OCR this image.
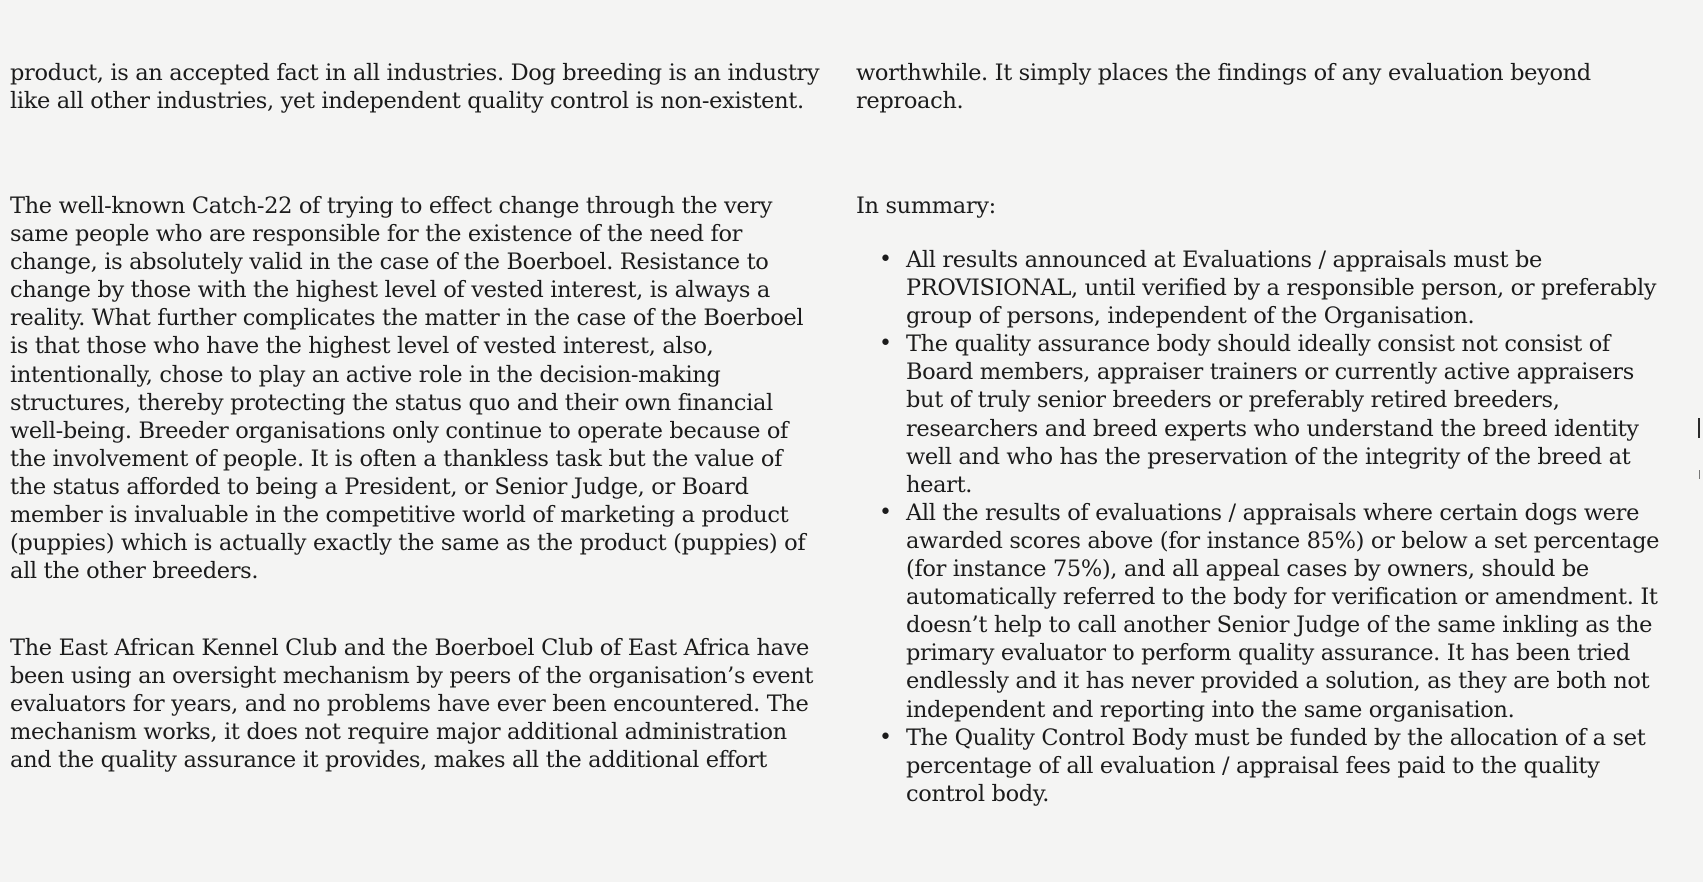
product, is an accepted fact in all industries. Dog breeding is an industry like all other industries, yet independent quality control is non-existent.

The well-known Catch-22 of trying to effect change through the very same people who are responsible for the existence of the need for change, is absolutely valid in the case of the Boerboel. Resistance to change by those with the highest level of vested interest, is always a reality. What further complicates the matter in the case of the Boerboel is that those who have the highest level of vested interest, also, intentionally, chose to play an active role in the decision-making structures, thereby protecting the status quo and their own financial well-being. Breeder organisations only continue to operate because of the involvement of people. It is often a thankless task but the value of the status afforded to being a President, or Senior Judge, or Board member is invaluable in the competitive world of marketing a product (puppies) which is actually exactly the same as the product (puppies) of all the other breeders.

The East African Kennel Club and the Boerboel Club of East Africa have been using an oversight mechanism by peers of the organisation’s event evaluators for years, and no problems have ever been encountered. The mechanism works, it does not require major additional administration and the quality assurance it provides, makes all the additional effort

worthwhile. It simply places the findings of any evaluation beyond reproach.

In summary:

• All results announced at Evaluations / appraisals must be PROVISIONAL, until verified by a responsible person, or preferably group of persons, independent of the Organisation.
• The quality assurance body should ideally consist not consist of Board members, appraiser trainers or currently active appraisers but of truly senior breeders or preferably retired breeders, researchers and breed experts who understand the breed identity well and who has the preservation of the integrity of the breed at heart.
• All the results of evaluations / appraisals where certain dogs were awarded scores above (for instance 85%) or below a set percentage (for instance 75%), and all appeal cases by owners, should be automatically referred to the body for verification or amendment. It doesn’t help to call another Senior Judge of the same inkling as the primary evaluator to perform quality assurance. It has been tried endlessly and it has never provided a solution, as they are both not independent and reporting into the same organisation.
• The Quality Control Body must be funded by the allocation of a set percentage of all evaluation / appraisal fees paid to the quality control body.
